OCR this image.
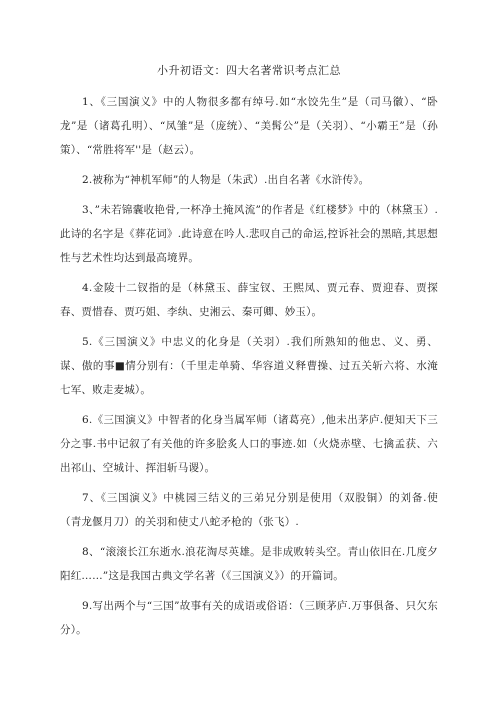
小升初语文：四大名著常识考点汇总

1、《三国演义》中的人物很多都有绰号.如“水饺先生”是（司马徽）、“卧龙”是（诸葛孔明）、“凤雏”是（庞统）、“美髯公”是（关羽）、“小霸王”是（孙策）、“常胜将军''是（赵云）。

2.被称为“神机军师”的人物是（朱武）.出自名著《水浒传》。

3、”未若锦囊收艳骨,一杯净土掩风流”的作者是《红楼梦》中的（林黛玉）.此诗的名字是《葬花词》.此诗意在吟人.悲叹自己的命运,控诉社会的黑暗,其思想性与艺术性均达到最高境界。

4.金陵十二钗指的是（林黛玉、薛宝钗、王熙凤、贾元春、贾迎春、贾探春、贾惜春、贾巧姐、李纨、史湘云、秦可卿、妙玉）。

5.《三国演义》中忠义的化身是（关羽）.我们所熟知的他忠、义、勇、谋、傲的事■情分别有：（千里走单骑、华容道义释曹操、过五关斩六将、水淹七军、败走麦城）。

6.《三国演义》中智者的化身当属军师（诸葛亮）,他未出茅庐.便知天下三分之事.书中记叙了有关他的许多脍炙人口的事迹.如（火烧赤壁、七擒孟获、六出祁山、空城计、挥泪斩马谡）。

7、《三国演义》中桃园三结义的三弟兄分别是使用（双股铜）的刘备.使（青龙偃月刀）的关羽和使丈八蛇矛枪的（张飞）.

8、“滚滚长江东逝水.浪花淘尽英雄。是非成败转头空。青山依旧在.几度夕阳红……”这是我国古典文学名著（《三国演义》）的开篇词。

9.写出两个与“三国”故事有关的成语或俗语：（三顾茅庐.万事俱备、只欠东分）。
